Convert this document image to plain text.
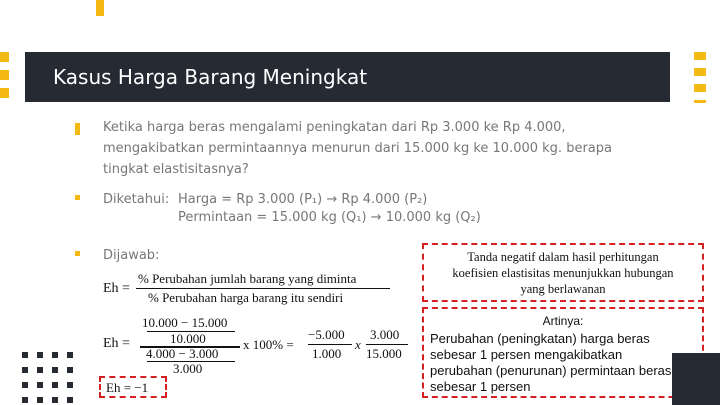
Kasus Harga Barang Meningkat
Ketika harga beras mengalami peningkatan dari Rp 3.000 ke Rp 4.000,
mengakibatkan permintaannya menurun dari 15.000 kg ke 10.000 kg. berapa
tingkat elastisitasnya?
Diketahui: Harga = Rp 3.000 (P₁) → Rp 4.000 (P₂)
Permintaan = 15.000 kg (Q₁) → 10.000 kg (Q₂)
Dijawab:
Eh =
% Perubahan jumlah barang yang diminta
% Perubahan harga barang itu sendiri
Eh =
10.000 − 15.000
10.000
4.000 − 3.000
3.000
x 100% =
−5.000
1.000
x
3.000
15.000
Eh = −1
Tanda negatif dalam hasil perhitungan
koefisien elastisitas menunjukkan hubungan
yang berlawanan
Artinya:
Perubahan (peningkatan) harga beras
sebesar 1 persen mengakibatkan
perubahan (penurunan) permintaan beras
sebesar 1 persen
